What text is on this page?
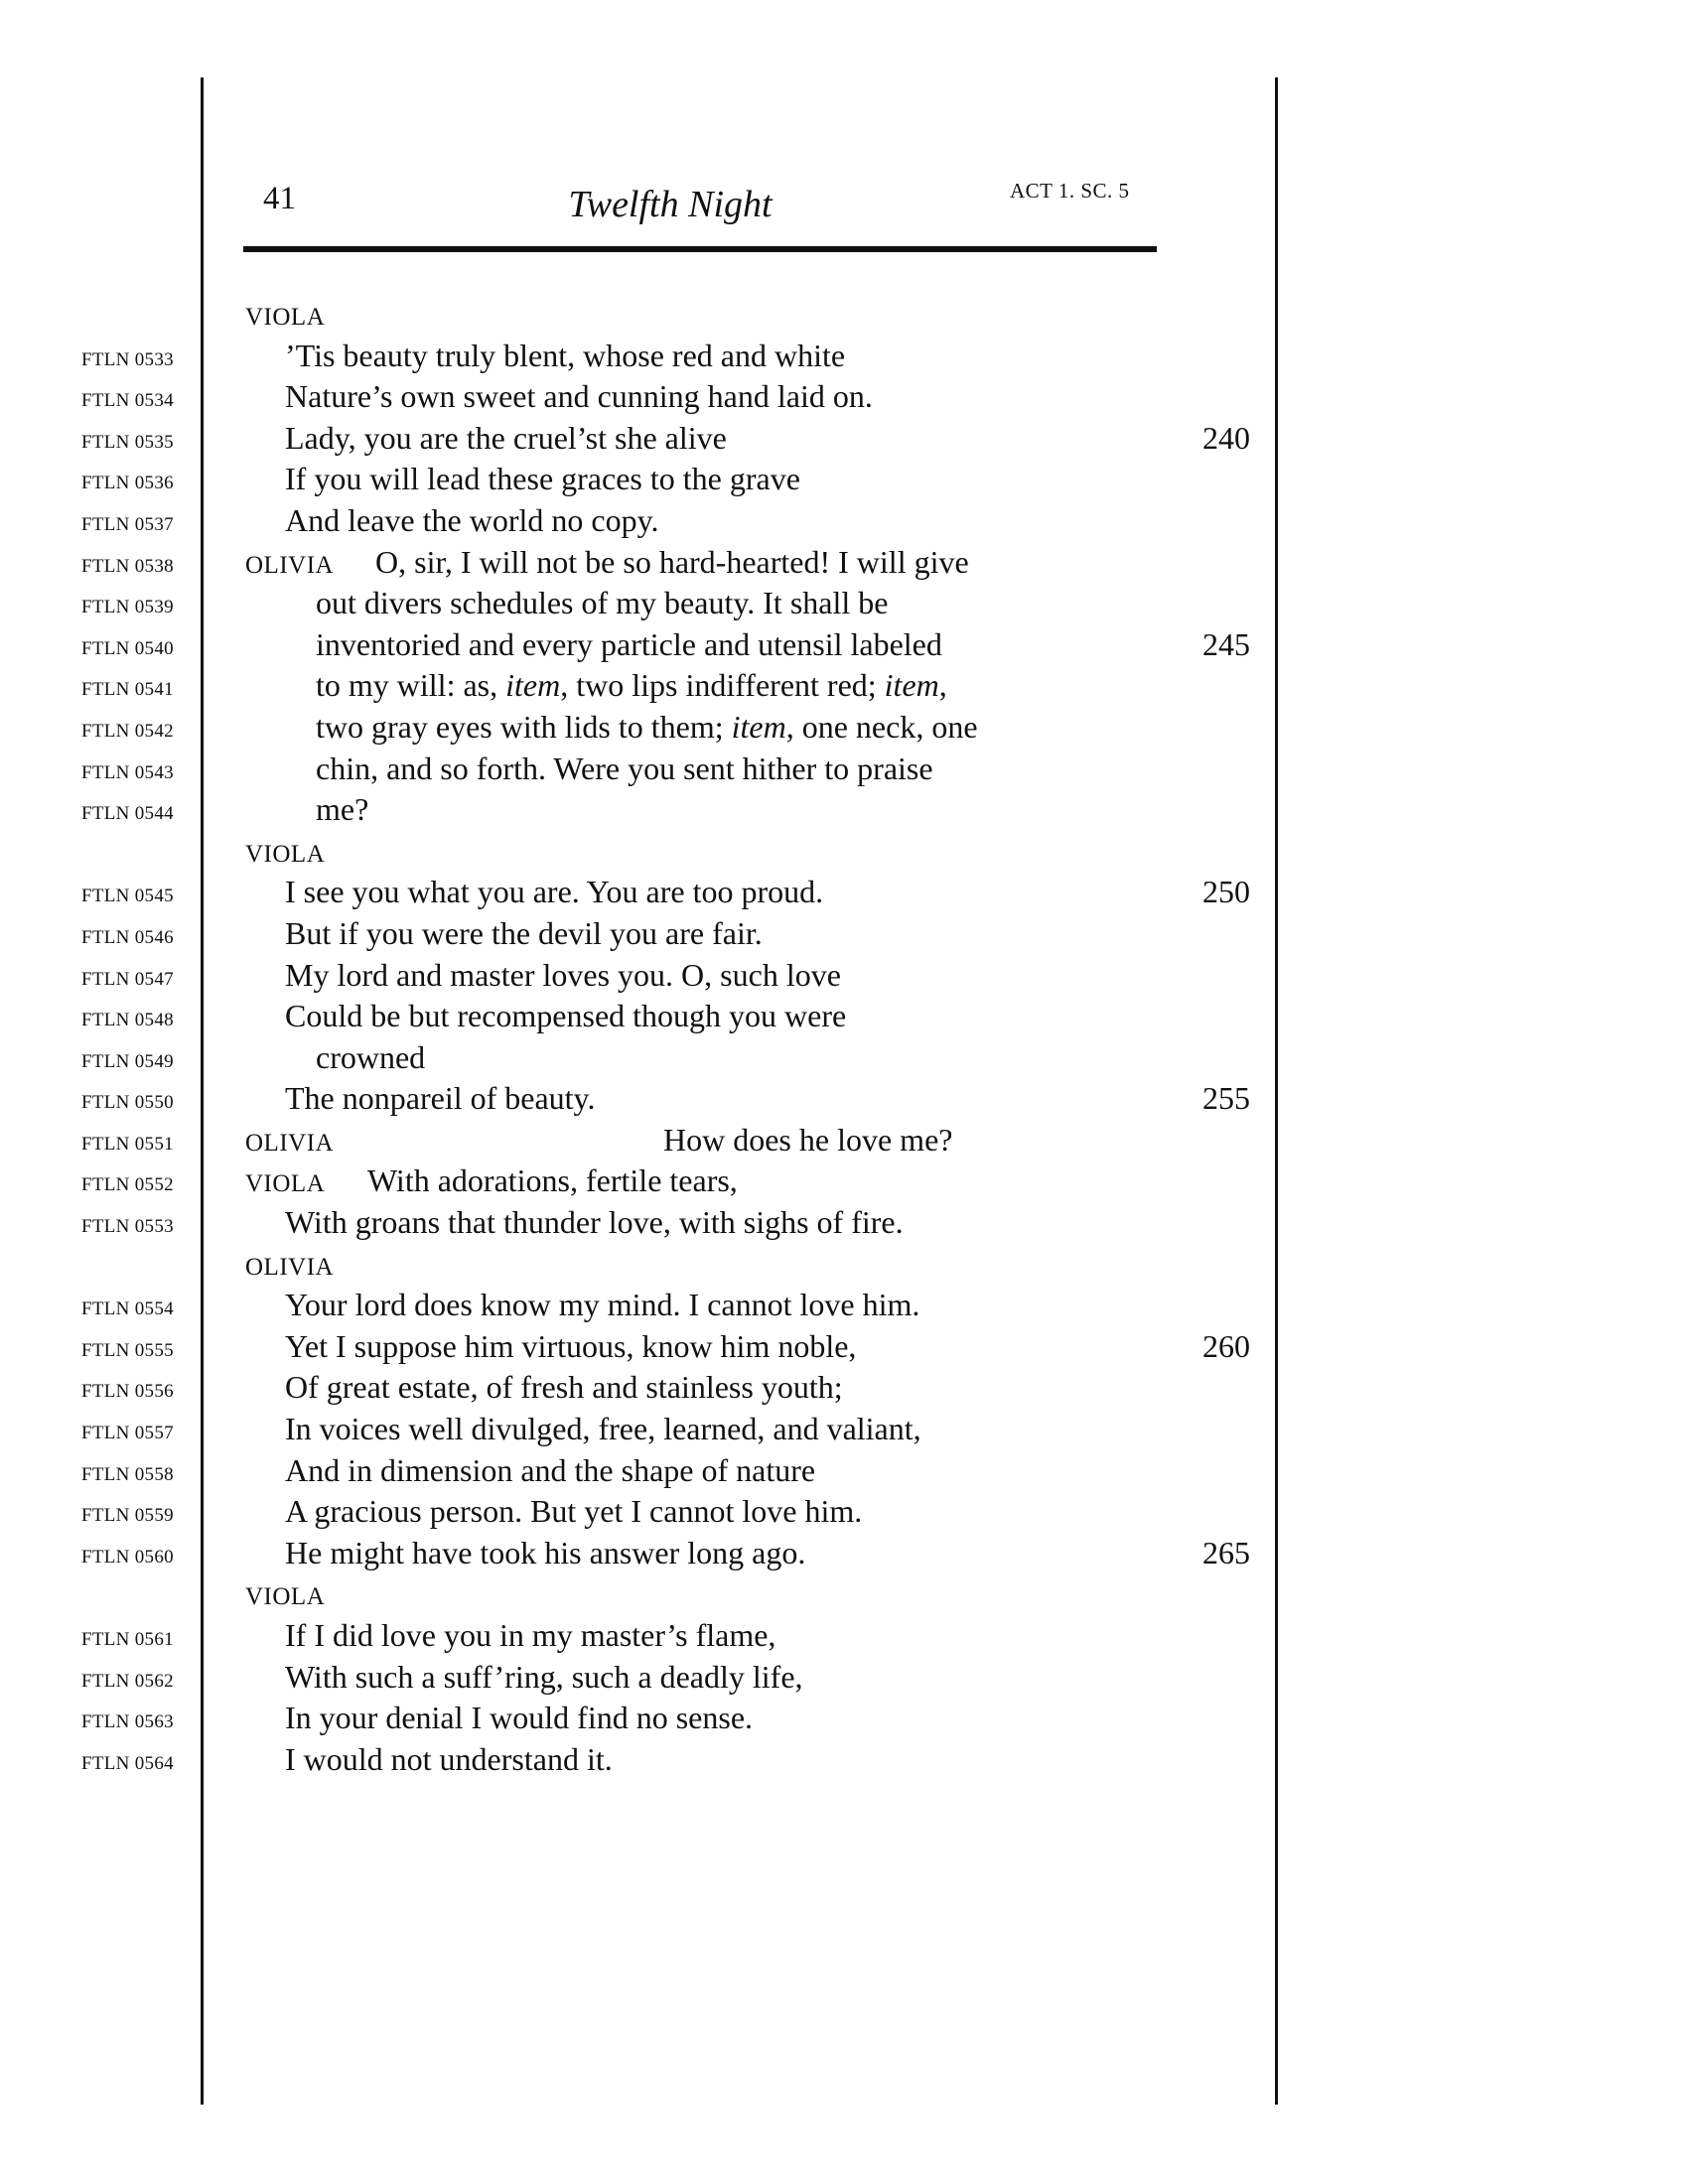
41	Twelfth Night	ACT 1. SC. 5
VIOLA
FTLN 0533	’Tis beauty truly blent, whose red and white
FTLN 0534	Nature’s own sweet and cunning hand laid on.
FTLN 0535	Lady, you are the cruel’st she alive	240
FTLN 0536	If you will lead these graces to the grave
FTLN 0537	And leave the world no copy.
FTLN 0538	OLIVIA O, sir, I will not be so hard-hearted! I will give
FTLN 0539	out divers schedules of my beauty. It shall be
FTLN 0540	inventoried and every particle and utensil labeled	245
FTLN 0541	to my will: as, item, two lips indifferent red; item,
FTLN 0542	two gray eyes with lids to them; item, one neck, one
FTLN 0543	chin, and so forth. Were you sent hither to praise
FTLN 0544	me?
VIOLA
FTLN 0545	I see you what you are. You are too proud.	250
FTLN 0546	But if you were the devil you are fair.
FTLN 0547	My lord and master loves you. O, such love
FTLN 0548	Could be but recompensed though you were
FTLN 0549	crowned
FTLN 0550	The nonpareil of beauty.	255
FTLN 0551	OLIVIA	How does he love me?
FTLN 0552	VIOLA With adorations, fertile tears,
FTLN 0553	With groans that thunder love, with sighs of fire.
OLIVIA
FTLN 0554	Your lord does know my mind. I cannot love him.
FTLN 0555	Yet I suppose him virtuous, know him noble,	260
FTLN 0556	Of great estate, of fresh and stainless youth;
FTLN 0557	In voices well divulged, free, learned, and valiant,
FTLN 0558	And in dimension and the shape of nature
FTLN 0559	A gracious person. But yet I cannot love him.
FTLN 0560	He might have took his answer long ago.	265
VIOLA
FTLN 0561	If I did love you in my master’s flame,
FTLN 0562	With such a suff’ring, such a deadly life,
FTLN 0563	In your denial I would find no sense.
FTLN 0564	I would not understand it.
